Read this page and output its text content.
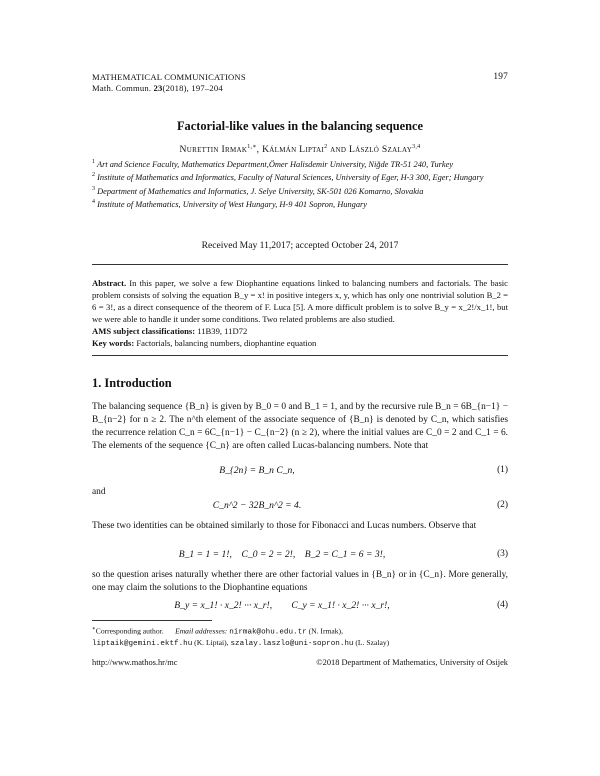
MATHEMATICAL COMMUNICATIONS
Math. Commun. 23(2018), 197–204
197
Factorial-like values in the balancing sequence
Nurettin Irmak$^{1,∗}$, Kálmán Liptai$^2$ and László Szalay$^{3,4}$
$^1$ Art and Science Faculty, Mathematics Department,Ömer Halisdemir University, Niğde TR-51 240, Turkey
$^2$ Institute of Mathematics and Informatics, Faculty of Natural Sciences, University of Eger, H-3 300, Eger; Hungary
$^3$ Department of Mathematics and Informatics, J. Selye University, SK-501 026 Komarno, Slovakia
$^4$ Institute of Mathematics, University of West Hungary, H-9 401 Sopron, Hungary
Received May 11,2017; accepted October 24, 2017
Abstract. In this paper, we solve a few Diophantine equations linked to balancing numbers and factorials. The basic problem consists of solving the equation B_y = x! in positive integers x, y, which has only one nontrivial solution B_2 = 6 = 3!, as a direct consequence of the theorem of F. Luca [5]. A more difficult problem is to solve B_y = x_2!/x_1!, but we were able to handle it under some conditions. Two related problems are also studied.
AMS subject classifications: 11B39, 11D72
Key words: Factorials, balancing numbers, diophantine equation
1. Introduction
The balancing sequence {B_n} is given by B_0 = 0 and B_1 = 1, and by the recursive rule B_n = 6B_{n−1} − B_{n−2} for n ≥ 2. The n^th element of the associate sequence of {B_n} is denoted by C_n, which satisfies the recurrence relation C_n = 6C_{n−1} − C_{n−2} (n ≥ 2), where the initial values are C_0 = 2 and C_1 = 6. The elements of the sequence {C_n} are often called Lucas-balancing numbers. Note that
B_{2n} = B_n C_n,	(1)
and
C_n^2 − 32B_n^2 = 4.	(2)
These two identities can be obtained similarly to those for Fibonacci and Lucas numbers. Observe that
B_1 = 1 = 1!,    C_0 = 2 = 2!,    B_2 = C_1 = 6 = 3!,	(3)
so the question arises naturally whether there are other factorial values in {B_n} or in {C_n}. More generally, one may claim the solutions to the Diophantine equations
B_y = x_1! · x_2! ··· x_r!,        C_y = x_1! · x_2! ··· x_r!,	(4)
∗Corresponding author. Email addresses: nirmak@ohu.edu.tr (N. Irmak),
liptaik@gemini.ektf.hu (K. Liptai), szalay.laszlo@uni-sopron.hu (L. Szalay)
http://www.mathos.hr/mc	©2018 Department of Mathematics, University of Osijek
